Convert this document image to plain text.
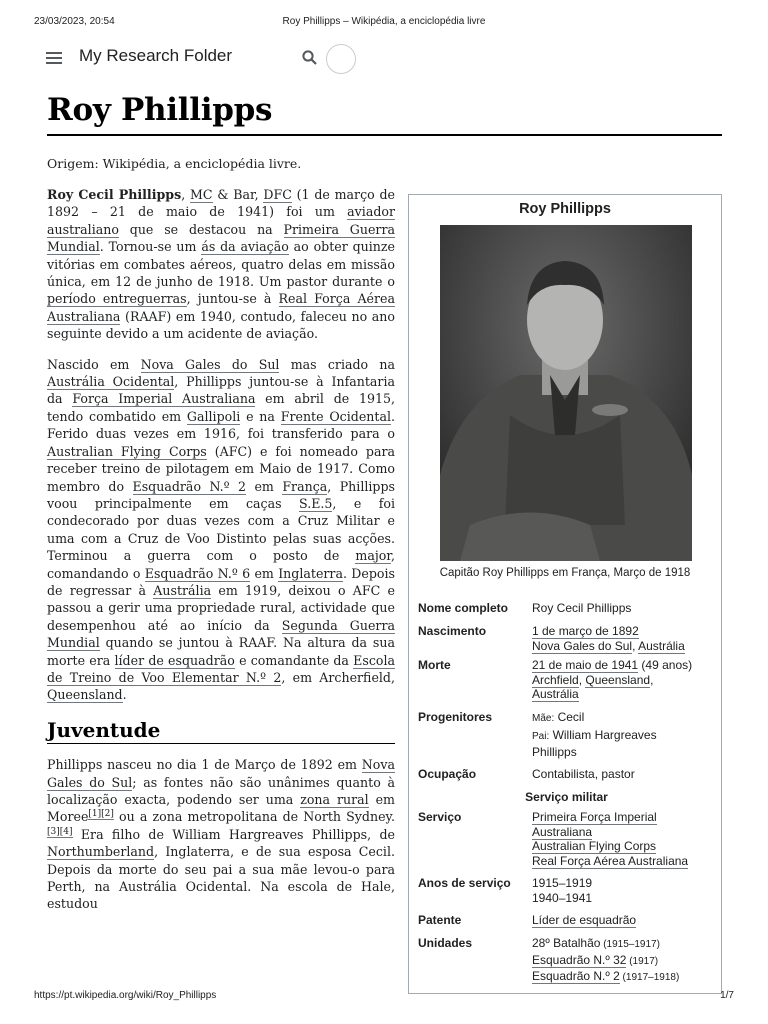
23/03/2023, 20:54	Roy Phillipps – Wikipédia, a enciclopédia livre
My Research Folder
Roy Phillipps
Origem: Wikipédia, a enciclopédia livre.

Roy Cecil Phillipps, MC & Bar, DFC (1 de março de 1892 – 21 de maio de 1941) foi um aviador australiano que se destacou na Primeira Guerra Mundial. Tornou-se um ás da aviação ao obter quinze vitórias em combates aéreos, quatro delas em missão única, em 12 de junho de 1918. Um pastor durante o período entreguerras, juntou-se à Real Força Aérea Australiana (RAAF) em 1940, contudo, faleceu no ano seguinte devido a um acidente de aviação.

Nascido em Nova Gales do Sul mas criado na Austrália Ocidental, Phillipps juntou-se à Infantaria da Força Imperial Australiana em abril de 1915, tendo combatido em Gallipoli e na Frente Ocidental. Ferido duas vezes em 1916, foi transferido para o Australian Flying Corps (AFC) e foi nomeado para receber treino de pilotagem em Maio de 1917. Como membro do Esquadrão N.º 2 em França, Phillipps voou principalmente em caças S.E.5, e foi condecorado por duas vezes com a Cruz Militar e uma com a Cruz de Voo Distinto pelas suas acções. Terminou a guerra com o posto de major, comandando o Esquadrão N.º 6 em Inglaterra. Depois de regressar à Austrália em 1919, deixou o AFC e passou a gerir uma propriedade rural, actividade que desempenhou até ao início da Segunda Guerra Mundial quando se juntou à RAAF. Na altura da sua morte era líder de esquadrão e comandante da Escola de Treino de Voo Elementar N.º 2, em Archerfield, Queensland.

Juventude

Phillipps nasceu no dia 1 de Março de 1892 em Nova Gales do Sul; as fontes não são unânimes quanto à localização exacta, podendo ser uma zona rural em Moree[1][2] ou a zona metropolitana de North Sydney.[3][4] Era filho de William Hargreaves Phillipps, de Northumberland, Inglaterra, e de sua esposa Cecil. Depois da morte do seu pai a sua mãe levou-o para Perth, na Austrália Ocidental. Na escola de Hale, estudou

Roy Phillipps
Capitão Roy Phillipps em França, Março de 1918
Nome completo	Roy Cecil Phillipps
Nascimento	1 de março de 1892
Nova Gales do Sul, Austrália
Morte	21 de maio de 1941 (49 anos)
Archfield, Queensland,
Austrália
Progenitores	Mãe: Cecil
Pai: William Hargreaves
Phillipps
Ocupação	Contabilista, pastor
Serviço militar
Serviço	Primeira Força Imperial
Australiana
Australian Flying Corps
Real Força Aérea Australiana
Anos de serviço	1915–1919
1940–1941
Patente	Líder de esquadrão
Unidades	28º Batalhão (1915–1917)
Esquadrão N.º 32 (1917)
Esquadrão N.º 2 (1917–1918)
https://pt.wikipedia.org/wiki/Roy_Phillipps	1/7
